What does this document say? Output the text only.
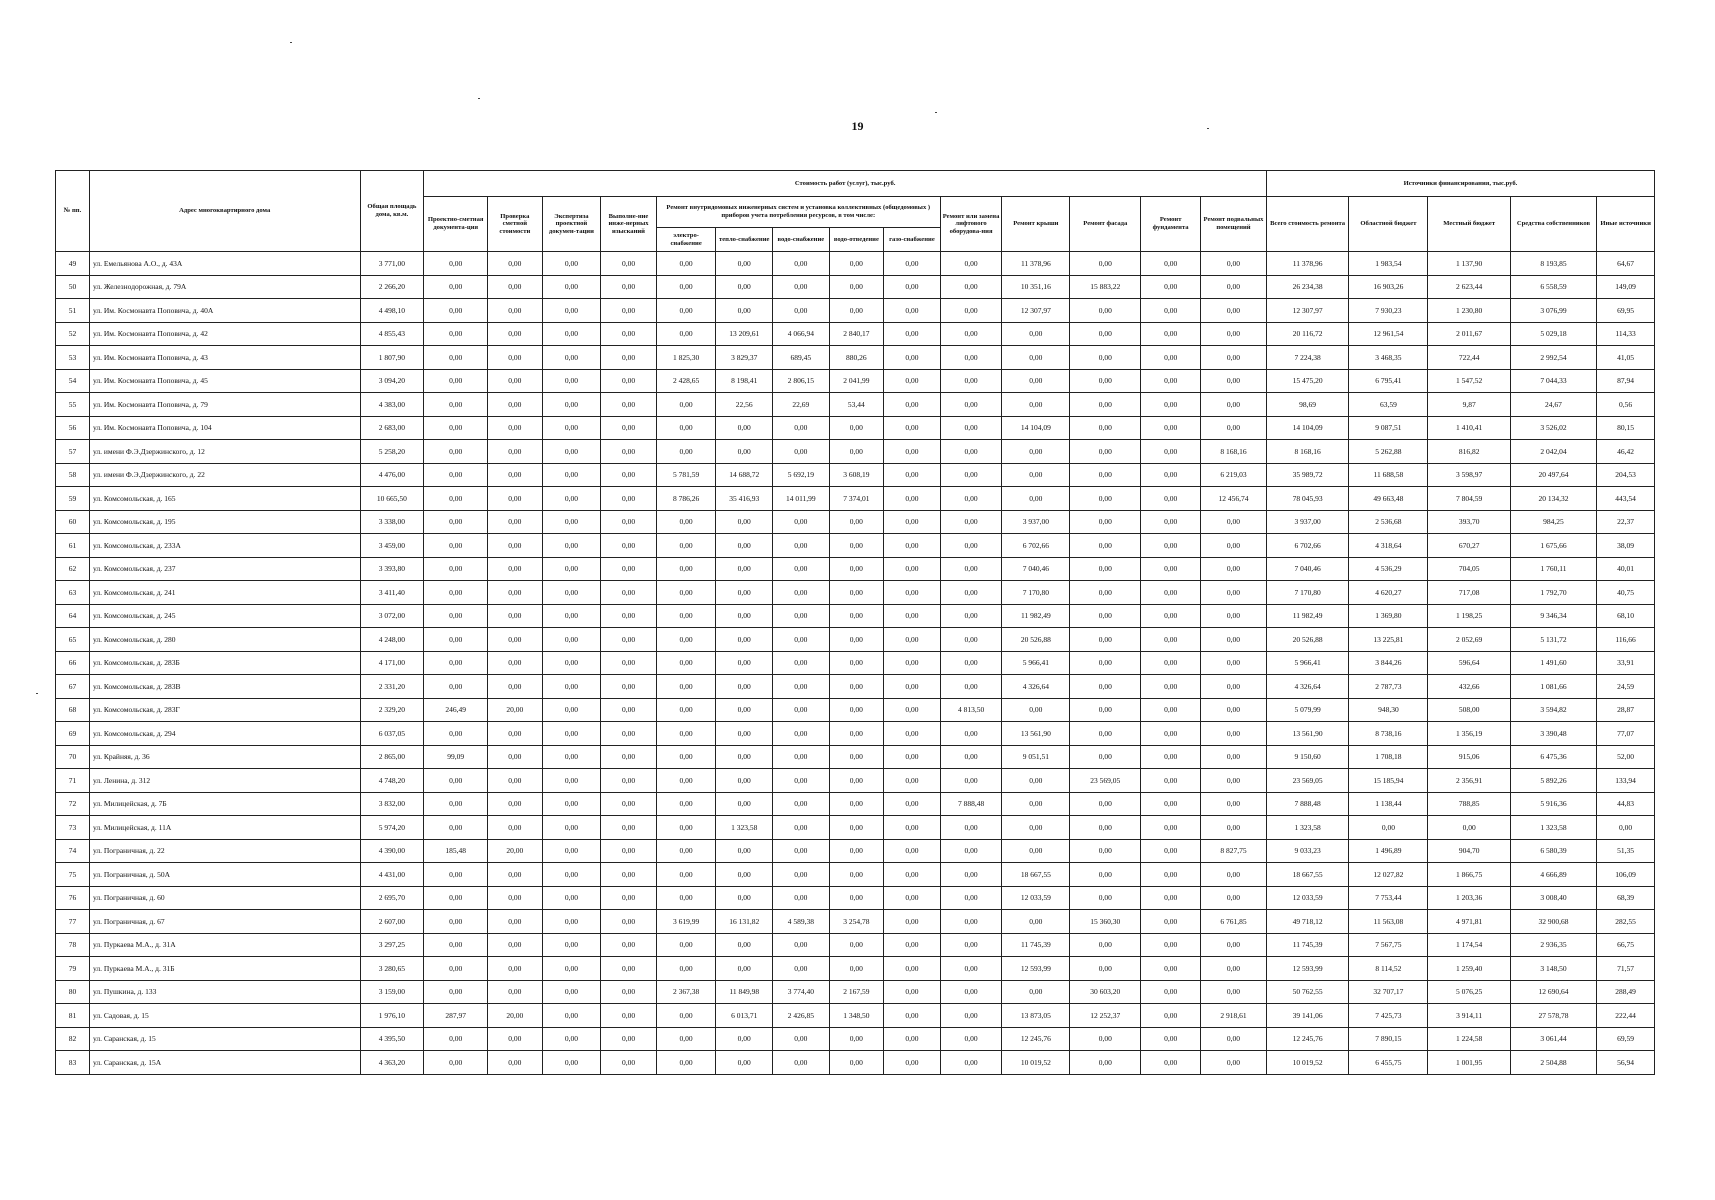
19
№ пп.	Адрес многоквартирного дома	Общая площадь дома, кв.м.	Стоимость работ (услуг), тыс.руб.														Источники финансирования, тыс.руб.				
			Проектно-сметная документа-ция	Проверка сметной стоимости	Экспертиза проектной докумен-тации	Выполне-ние инже-нерных изысканий	Ремонт внутридомовых инженерных систем и установка коллективных (общедомовых ) приборов учета потребления ресурсов, в том числе:					Ремонт или замена лифтового оборудова-ния	Ремонт крыши	Ремонт фасада	Ремонт фундамента	Ремонт подвальных помещений	Всего стоимость ремонта	Областной бюджет	Местный бюджет	Средства собственников	Иные источники
							электро-снабжение	тепло-снабжение	водо-снабжение	водо-отведение	газо-снабжение										
49	ул. Емельянова А.О., д. 43А	3 771,00	0,00	0,00	0,00	0,00	0,00	0,00	0,00	0,00	0,00	0,00	11 378,96	0,00	0,00	0,00	11 378,96	1 983,54	1 137,90	8 193,85	64,67
50	ул. Железнодорожная, д. 79А	2 266,20	0,00	0,00	0,00	0,00	0,00	0,00	0,00	0,00	0,00	0,00	10 351,16	15 883,22	0,00	0,00	26 234,38	16 903,26	2 623,44	6 558,59	149,09
51	ул. Им. Космонавта Поповича, д. 40А	4 498,10	0,00	0,00	0,00	0,00	0,00	0,00	0,00	0,00	0,00	0,00	12 307,97	0,00	0,00	0,00	12 307,97	7 930,23	1 230,80	3 076,99	69,95
52	ул. Им. Космонавта Поповича, д. 42	4 855,43	0,00	0,00	0,00	0,00	0,00	13 209,61	4 066,94	2 840,17	0,00	0,00	0,00	0,00	0,00	0,00	20 116,72	12 961,54	2 011,67	5 029,18	114,33
53	ул. Им. Космонавта Поповича, д. 43	1 807,90	0,00	0,00	0,00	0,00	1 825,30	3 829,37	689,45	880,26	0,00	0,00	0,00	0,00	0,00	0,00	7 224,38	3 468,35	722,44	2 992,54	41,05
54	ул. Им. Космонавта Поповича, д. 45	3 094,20	0,00	0,00	0,00	0,00	2 428,65	8 198,41	2 806,15	2 041,99	0,00	0,00	0,00	0,00	0,00	0,00	15 475,20	6 795,41	1 547,52	7 044,33	87,94
55	ул. Им. Космонавта Поповича, д. 79	4 383,00	0,00	0,00	0,00	0,00	0,00	22,56	22,69	53,44	0,00	0,00	0,00	0,00	0,00	0,00	98,69	63,59	9,87	24,67	0,56
56	ул. Им. Космонавта Поповича, д. 104	2 683,00	0,00	0,00	0,00	0,00	0,00	0,00	0,00	0,00	0,00	0,00	14 104,09	0,00	0,00	0,00	14 104,09	9 087,51	1 410,41	3 526,02	80,15
57	ул. имени Ф.Э.Дзержинского, д. 12	5 258,20	0,00	0,00	0,00	0,00	0,00	0,00	0,00	0,00	0,00	0,00	0,00	0,00	0,00	8 168,16	8 168,16	5 262,88	816,82	2 042,04	46,42
58	ул. имени Ф.Э.Дзержинского, д. 22	4 476,00	0,00	0,00	0,00	0,00	5 781,59	14 688,72	5 692,19	3 608,19	0,00	0,00	0,00	0,00	0,00	6 219,03	35 989,72	11 688,58	3 598,97	20 497,64	204,53
59	ул. Комсомольская, д. 165	10 665,50	0,00	0,00	0,00	0,00	8 786,26	35 416,93	14 011,99	7 374,01	0,00	0,00	0,00	0,00	0,00	12 456,74	78 045,93	49 663,48	7 804,59	20 134,32	443,54
60	ул. Комсомольская, д. 195	3 338,00	0,00	0,00	0,00	0,00	0,00	0,00	0,00	0,00	0,00	0,00	3 937,00	0,00	0,00	0,00	3 937,00	2 536,68	393,70	984,25	22,37
61	ул. Комсомольская, д. 233А	3 459,00	0,00	0,00	0,00	0,00	0,00	0,00	0,00	0,00	0,00	0,00	6 702,66	0,00	0,00	0,00	6 702,66	4 318,64	670,27	1 675,66	38,09
62	ул. Комсомольская, д. 237	3 393,80	0,00	0,00	0,00	0,00	0,00	0,00	0,00	0,00	0,00	0,00	7 040,46	0,00	0,00	0,00	7 040,46	4 536,29	704,05	1 760,11	40,01
63	ул. Комсомольская, д. 241	3 411,40	0,00	0,00	0,00	0,00	0,00	0,00	0,00	0,00	0,00	0,00	7 170,80	0,00	0,00	0,00	7 170,80	4 620,27	717,08	1 792,70	40,75
64	ул. Комсомольская, д. 245	3 072,00	0,00	0,00	0,00	0,00	0,00	0,00	0,00	0,00	0,00	0,00	11 982,49	0,00	0,00	0,00	11 982,49	1 369,80	1 198,25	9 346,34	68,10
65	ул. Комсомольская, д. 280	4 248,00	0,00	0,00	0,00	0,00	0,00	0,00	0,00	0,00	0,00	0,00	20 526,88	0,00	0,00	0,00	20 526,88	13 225,81	2 052,69	5 131,72	116,66
66	ул. Комсомольская, д. 283Б	4 171,00	0,00	0,00	0,00	0,00	0,00	0,00	0,00	0,00	0,00	0,00	5 966,41	0,00	0,00	0,00	5 966,41	3 844,26	596,64	1 491,60	33,91
67	ул. Комсомольская, д. 283В	2 331,20	0,00	0,00	0,00	0,00	0,00	0,00	0,00	0,00	0,00	0,00	4 326,64	0,00	0,00	0,00	4 326,64	2 787,73	432,66	1 081,66	24,59
68	ул. Комсомольская, д. 283Г	2 329,20	246,49	20,00	0,00	0,00	0,00	0,00	0,00	0,00	0,00	4 813,50	0,00	0,00	0,00	0,00	5 079,99	948,30	508,00	3 594,82	28,87
69	ул. Комсомольская, д. 294	6 037,05	0,00	0,00	0,00	0,00	0,00	0,00	0,00	0,00	0,00	0,00	13 561,90	0,00	0,00	0,00	13 561,90	8 738,16	1 356,19	3 390,48	77,07
70	ул. Крайняя, д. 36	2 865,00	99,09	0,00	0,00	0,00	0,00	0,00	0,00	0,00	0,00	0,00	9 051,51	0,00	0,00	0,00	9 150,60	1 708,18	915,06	6 475,36	52,00
71	ул. Ленина, д. 312	4 748,20	0,00	0,00	0,00	0,00	0,00	0,00	0,00	0,00	0,00	0,00	0,00	23 569,05	0,00	0,00	23 569,05	15 185,94	2 356,91	5 892,26	133,94
72	ул. Милицейская, д. 7Б	3 832,00	0,00	0,00	0,00	0,00	0,00	0,00	0,00	0,00	0,00	7 888,48	0,00	0,00	0,00	0,00	7 888,48	1 138,44	788,85	5 916,36	44,83
73	ул. Милицейская, д. 11А	5 974,20	0,00	0,00	0,00	0,00	0,00	1 323,58	0,00	0,00	0,00	0,00	0,00	0,00	0,00	0,00	1 323,58	0,00	0,00	1 323,58	0,00
74	ул. Пограничная, д. 22	4 390,00	185,48	20,00	0,00	0,00	0,00	0,00	0,00	0,00	0,00	0,00	0,00	0,00	0,00	8 827,75	9 033,23	1 496,89	904,70	6 580,39	51,35
75	ул. Пограничная, д. 50А	4 431,00	0,00	0,00	0,00	0,00	0,00	0,00	0,00	0,00	0,00	0,00	18 667,55	0,00	0,00	0,00	18 667,55	12 027,82	1 866,75	4 666,89	106,09
76	ул. Пограничная, д. 60	2 695,70	0,00	0,00	0,00	0,00	0,00	0,00	0,00	0,00	0,00	0,00	12 033,59	0,00	0,00	0,00	12 033,59	7 753,44	1 203,36	3 008,40	68,39
77	ул. Пограничная, д. 67	2 607,00	0,00	0,00	0,00	0,00	3 619,99	16 131,82	4 589,38	3 254,78	0,00	0,00	0,00	15 360,30	0,00	6 761,85	49 718,12	11 563,08	4 971,81	32 900,68	282,55
78	ул. Пуркаева М.А., д. 31А	3 297,25	0,00	0,00	0,00	0,00	0,00	0,00	0,00	0,00	0,00	0,00	11 745,39	0,00	0,00	0,00	11 745,39	7 567,75	1 174,54	2 936,35	66,75
79	ул. Пуркаева М.А., д. 31Б	3 280,65	0,00	0,00	0,00	0,00	0,00	0,00	0,00	0,00	0,00	0,00	12 593,99	0,00	0,00	0,00	12 593,99	8 114,52	1 259,40	3 148,50	71,57
80	ул. Пушкина, д. 133	3 159,00	0,00	0,00	0,00	0,00	2 367,38	11 849,98	3 774,40	2 167,59	0,00	0,00	0,00	30 603,20	0,00	0,00	50 762,55	32 707,17	5 076,25	12 690,64	288,49
81	ул. Садовая, д. 15	1 976,10	287,97	20,00	0,00	0,00	0,00	6 013,71	2 426,85	1 348,50	0,00	0,00	13 873,05	12 252,37	0,00	2 918,61	39 141,06	7 425,73	3 914,11	27 578,78	222,44
82	ул. Саранская, д. 15	4 395,50	0,00	0,00	0,00	0,00	0,00	0,00	0,00	0,00	0,00	0,00	12 245,76	0,00	0,00	0,00	12 245,76	7 890,15	1 224,58	3 061,44	69,59
83	ул. Саранская, д. 15А	4 363,20	0,00	0,00	0,00	0,00	0,00	0,00	0,00	0,00	0,00	0,00	10 019,52	0,00	0,00	0,00	10 019,52	6 455,75	1 001,95	2 504,88	56,94
